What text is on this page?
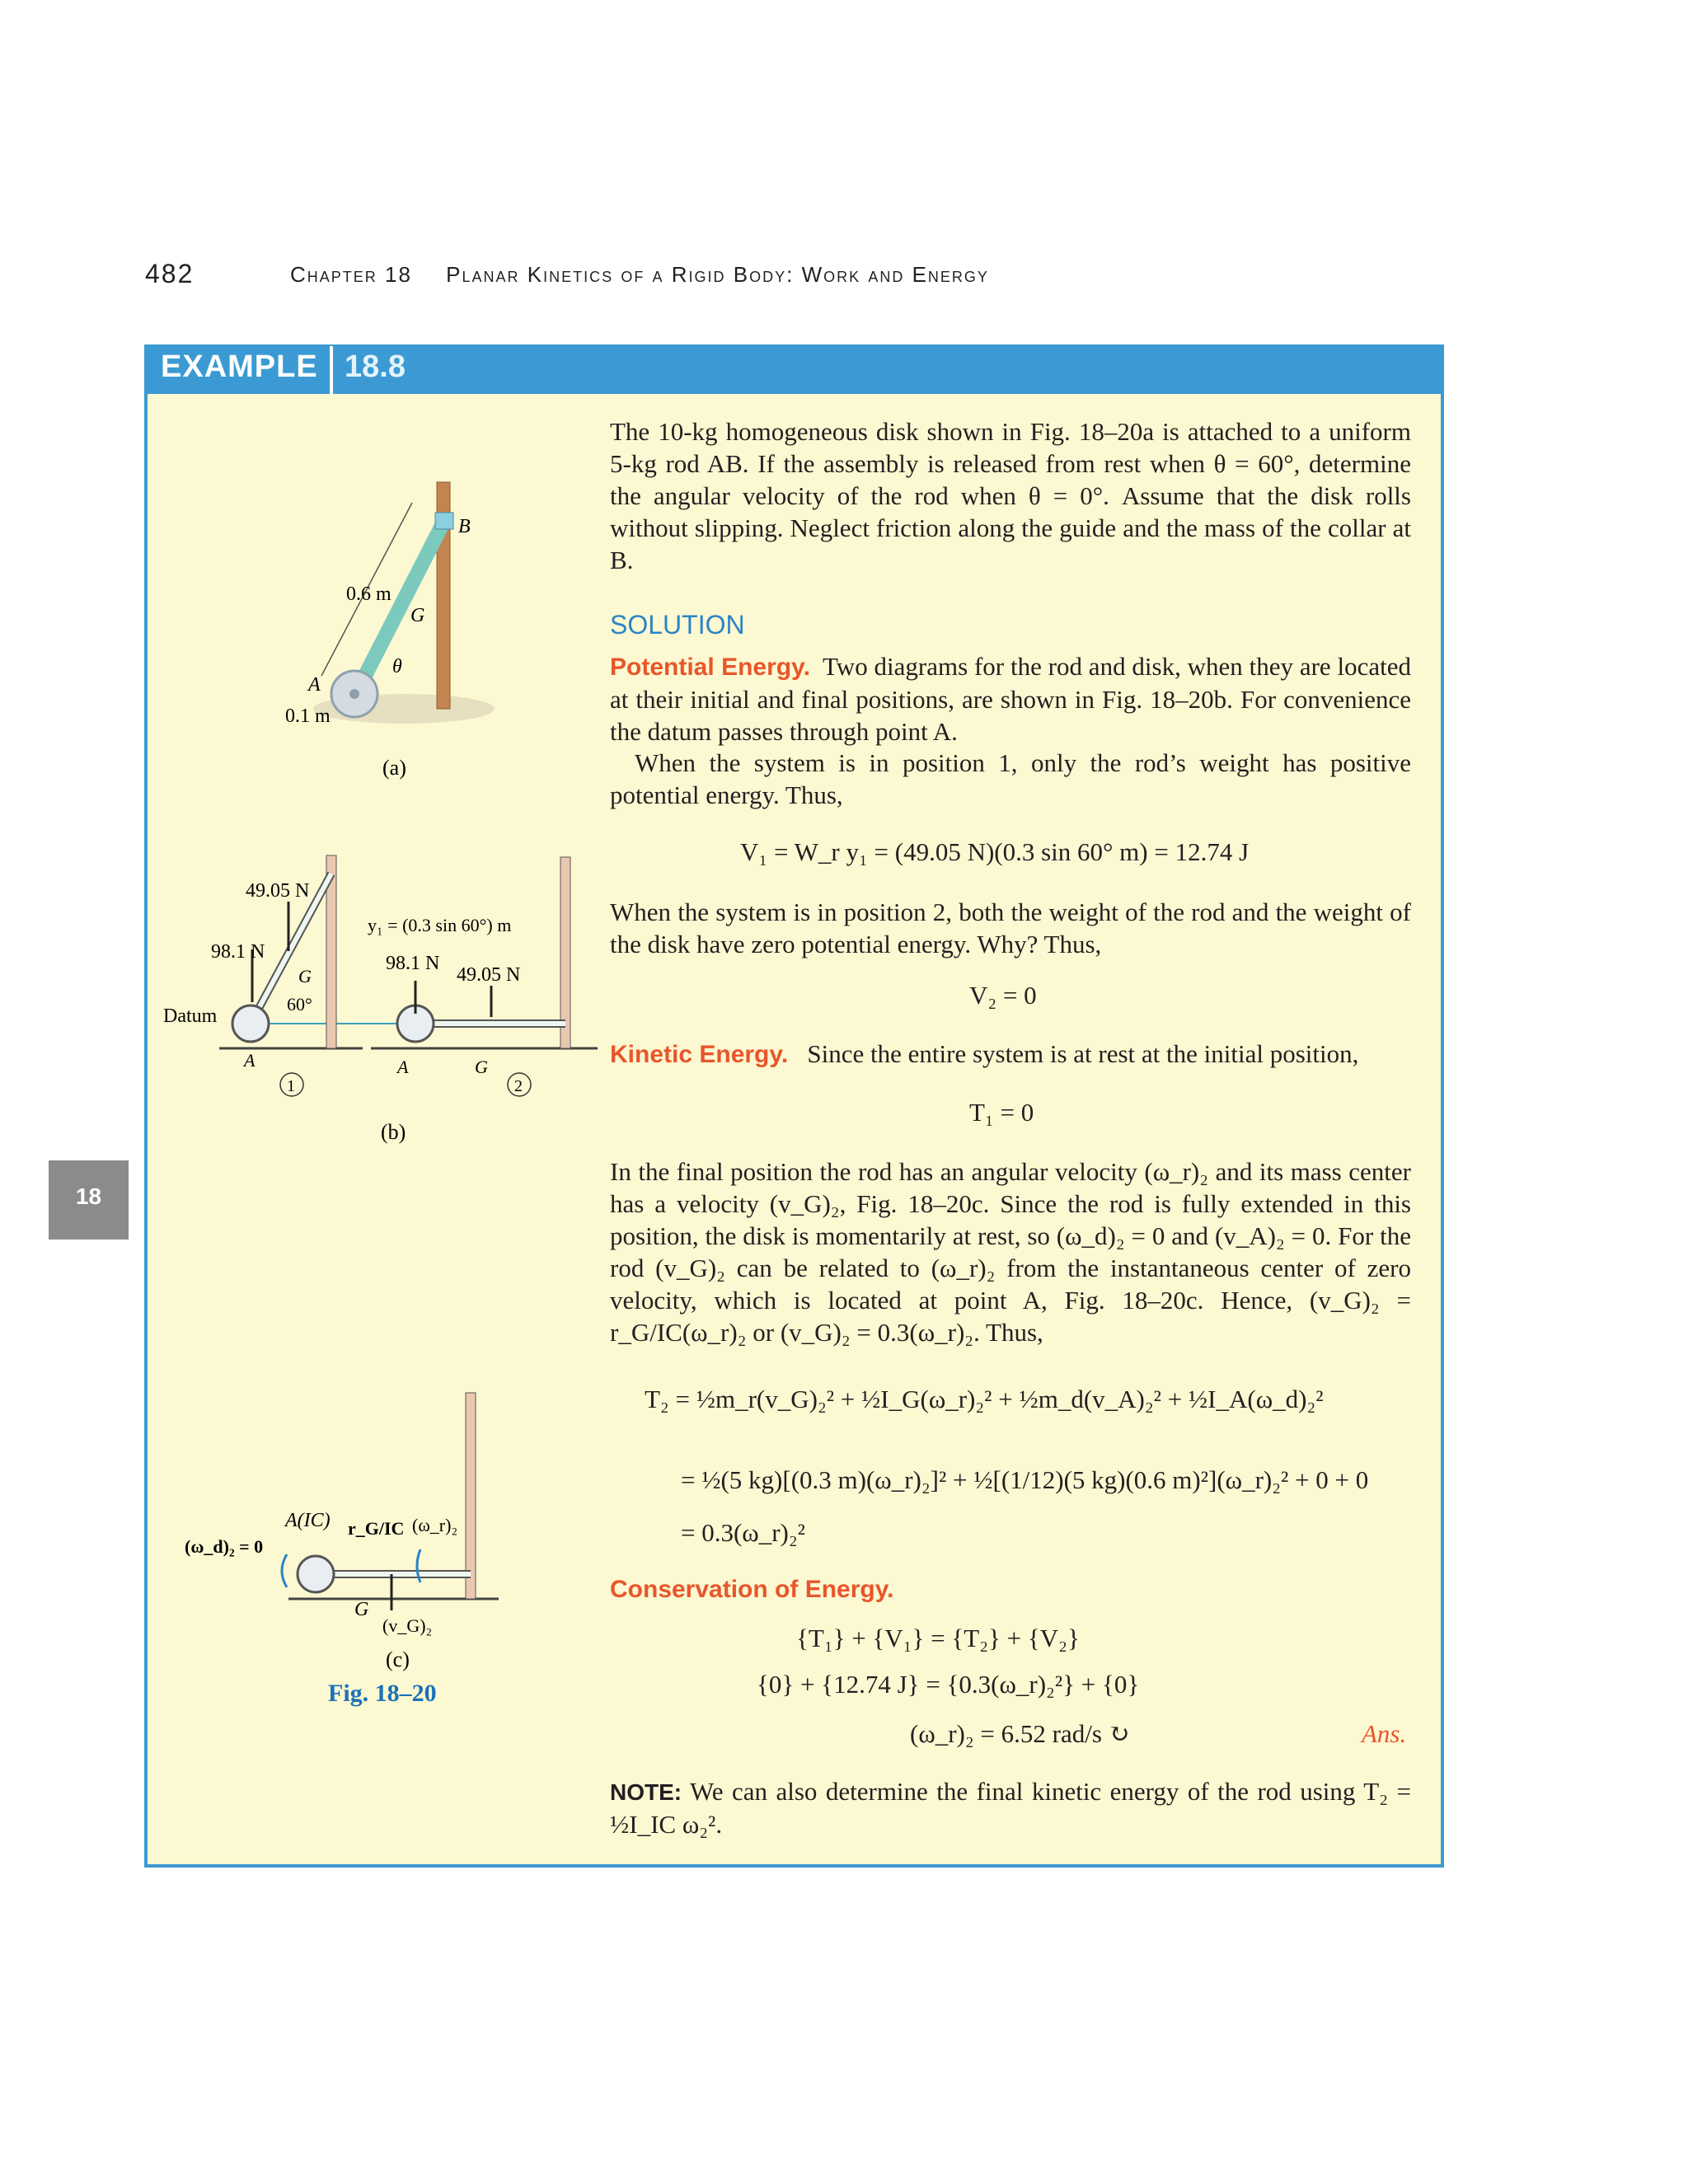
482	Chapter 18 Planar Kinetics of a Rigid Body: Work and Energy
18
EXAMPLE 18.8
The 10-kg homogeneous disk shown in Fig. 18–20a is attached to a uniform 5-kg rod AB. If the assembly is released from rest when θ = 60°, determine the angular velocity of the rod when θ = 0°. Assume that the disk rolls without slipping. Neglect friction along the guide and the mass of the collar at B.
SOLUTION
Potential Energy. Two diagrams for the rod and disk, when they are located at their initial and final positions, are shown in Fig. 18–20b. For convenience the datum passes through point A.
When the system is in position 1, only the rod’s weight has positive potential energy. Thus,
V₁ = W_r y₁ = (49.05 N)(0.3 sin 60° m) = 12.74 J
When the system is in position 2, both the weight of the rod and the weight of the disk have zero potential energy. Why? Thus,
V₂ = 0
Kinetic Energy. Since the entire system is at rest at the initial position,
T₁ = 0
In the final position the rod has an angular velocity (ω_r)₂ and its mass center has a velocity (v_G)₂, Fig. 18–20c. Since the rod is fully extended in this position, the disk is momentarily at rest, so (ω_d)₂ = 0 and (v_A)₂ = 0. For the rod (v_G)₂ can be related to (ω_r)₂ from the instantaneous center of zero velocity, which is located at point A, Fig. 18–20c. Hence, (v_G)₂ = r_G/IC(ω_r)₂ or (v_G)₂ = 0.3(ω_r)₂. Thus,
T₂ = ½m_r(v_G)₂² + ½I_G(ω_r)₂² + ½m_d(v_A)₂² + ½I_A(ω_d)₂²
= ½(5 kg)[(0.3 m)(ω_r)₂]² + ½[(1/12)(5 kg)(0.6 m)²](ω_r)₂² + 0 + 0
= 0.3(ω_r)₂²
Conservation of Energy.
{T₁} + {V₁} = {T₂} + {V₂}
{0} + {12.74 J} = {0.3(ω_r)₂²} + {0}
(ω_r)₂ = 6.52 rad/s ↻	Ans.
NOTE: We can also determine the final kinetic energy of the rod using T₂ = ½I_IC ω₂².
0.6 m
G
B
θ
A
0.1 m
(a)
49.05 N
98.1 N
y₁ = (0.3 sin 60°) m
98.1 N
49.05 N
Datum
60°
G
A	A	G
1	2
(b)
(ω_d)₂ = 0
A(IC) r_G/IC (ω_r)₂
G
(v_G)₂
(c)
Fig. 18–20
